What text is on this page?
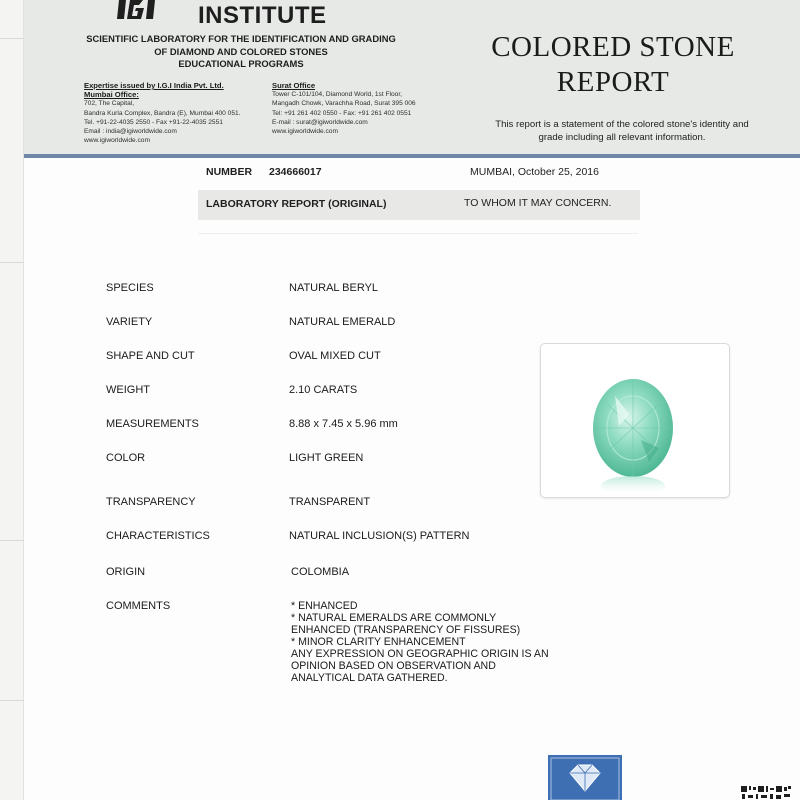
INSTITUTE
SCIENTIFIC LABORATORY FOR THE IDENTIFICATION AND GRADING
OF DIAMOND AND COLORED STONES
EDUCATIONAL PROGRAMS
Expertise issued by I.G.I India Pvt. Ltd.
Mumbai Office:
702, The Capital,
Bandra Kurla Complex, Bandra (E), Mumbai 400 051.
Tel. +91-22-4035 2550 - Fax +91-22-4035 2551
Email : india@igiworldwide.com
www.igiworldwide.com
Surat Office
Tower C-101/104, Diamond World, 1st Floor,
Mangadh Chowk, Varachha Road, Surat 395 006
Tel: +91 261 402 0550 - Fax: +91 261 402 0551
E-mail : surat@igiworldwide.com
www.igiworldwide.com
COLORED STONE
REPORT
This report is a statement of the colored stone's identity and grade including all relevant information.
NUMBER 234666017	MUMBAI, October 25, 2016
LABORATORY REPORT (ORIGINAL)	TO WHOM IT MAY CONCERN.
SPECIES	NATURAL BERYL
VARIETY	NATURAL EMERALD
SHAPE AND CUT	OVAL MIXED CUT
WEIGHT	2.10 CARATS
MEASUREMENTS	8.88 x 7.45 x 5.96 mm
COLOR	LIGHT GREEN
TRANSPARENCY	TRANSPARENT
CHARACTERISTICS	NATURAL INCLUSION(S) PATTERN
ORIGIN	COLOMBIA
COMMENTS	* ENHANCED
* NATURAL EMERALDS ARE COMMONLY
ENHANCED (TRANSPARENCY OF FISSURES)
* MINOR CLARITY ENHANCEMENT
ANY EXPRESSION ON GEOGRAPHIC ORIGIN IS AN
OPINION BASED ON OBSERVATION AND
ANALYTICAL DATA GATHERED.
